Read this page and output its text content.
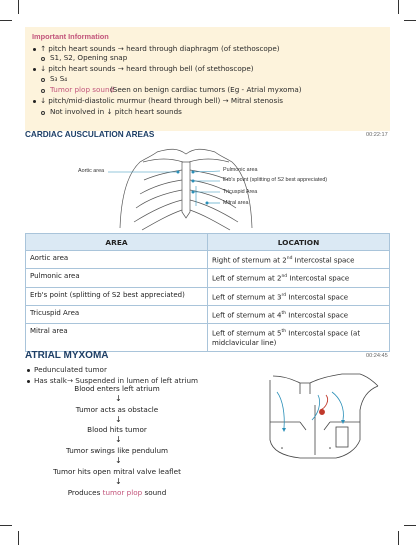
Important Information
↑ pitch heart sounds → heard through diaphragm (of stethoscope)
S1, S2, Opening snap
↓ pitch heart sounds → heard through bell (of stethoscope)
S₃ S₄
Tumor plop sound
(Seen on benign cardiac tumors (Eg - Atrial myxoma)
↓ pitch/mid-diastolic murmur (heard through bell) → Mitral stenosis
Not involved in ↓ pitch heart sounds
CARDIAC AUSCULATION AREAS	00:22:17
Aortic area	Pulmonic area
Erb's point (splitting of S2 best appreciated)
Tricuspid Area
Mitral area
AREA	LOCATION
Aortic area	Right of sternum at 2nd Intercostal space
Pulmonic area	Left of sternum at 2nd Intercostal space
Erb's point (splitting of S2 best appreciated)	Left of sternum at 3rd Intercostal space
Tricuspid Area	Left of sternum at 4th Intercostal space
Mitral area	Left of sternum at 5th Intercostal space (at
midclavicular line)
ATRIAL MYXOMA	00:24:45
Pedunculated tumor
Has stalk→ Suspended in lumen of left atrium
Blood enters left atrium
↓
Tumor acts as obstacle
↓
Blood hits tumor
↓
Tumor swings like pendulum
↓
Tumor hits open mitral valve leaflet
↓
Produces tumor plop sound
